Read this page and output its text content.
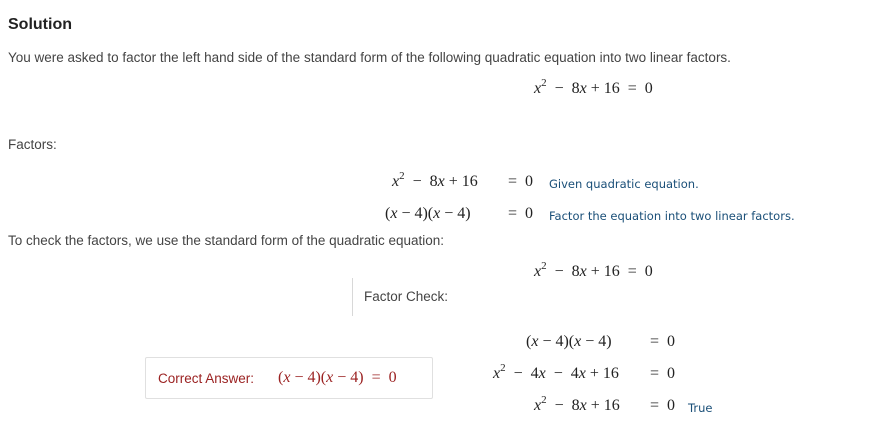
Solution
You were asked to factor the left hand side of the standard form of the following quadratic equation into two linear factors.
$x^2 - 8x + 16 = 0$
Factors:
$x^2 - 8x + 16 = 0$ Given quadratic equation.
(x − 4)(x − 4) =  0 Factor the equation into two linear factors.
To check the factors, we use the standard form of the quadratic equation:
$x^2 - 8x + 16 = 0$
Factor Check:
(x − 4)(x − 4) =  0
$x^2 - 4x - 4x + 16 = 0$
$x^2 - 8x + 16 = 0$ True
Correct Answer: (x − 4)(x − 4)  =  0
